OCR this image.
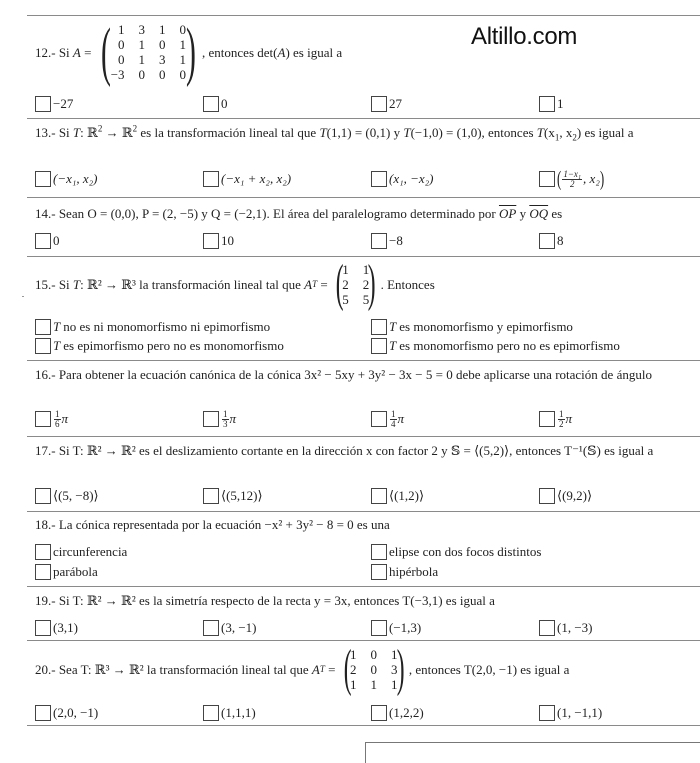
Altillo.com
12.- Si A = ( 1 3 1 0
0 1 0 1
0 1 3 1
−3 0 0 0 ) , entonces det( A ) es igual a
−27	0	27	1
13.- Si T: ℝ$^2$ → ℝ$^2$ es la transformación lineal tal que T(1,1) = (0,1) y T(−1,0) = (1,0), entonces $T(x_1$, $x_2$) es igual a
(−x₁, x₂)	(−x₁ + x₂, x₂)	(x₁, −x₂)	( $\frac{\text{1−x₁}}{2}$ , x₂ )
14.- Sean O = (0,0), P = (2, −5) y Q = (−2,1). El área del paralelogramo determinado por $\overline{OP}$ y $\overline{OQ}$ es
0	10	−8	8
15.- Si T : ℝ² → ℝ³ la transformación lineal tal que A T = (
1 1
2 2
5 5
) . Entonces
T no es ni monomorfismo ni epimorfismo	T es monomorfismo y epimorfismo
T es epimorfismo pero no es monomorfismo	T es monomorfismo pero no es epimorfismo
16.- Para obtener la ecuación canónica de la cónica 3x² − 5xy + 3y² − 3x − 5 = 0 debe aplicarse una rotación de ángulo
$\frac{1}{6}$ π	$\frac{1}{3}$ π	$\frac{1}{4}$ π	$\frac{1}{2}$ π
17.- Si T: ℝ² → ℝ² es el deslizamiento cortante en la dirección x con factor 2 y 𝕊 = ⟨(5,2)⟩, entonces T⁻¹(𝕊) es igual a
⟨(5, −8)⟩	⟨(5,12)⟩	⟨(1,2)⟩	⟨(9,2)⟩
18.- La cónica representada por la ecuación −x² + 3y² − 8 = 0 es una
circunferencia	elipse con dos focos distintos
parábola	hipérbola
19.- Si T: ℝ² → ℝ² es la simetría respecto de la recta y = 3x, entonces T(−3,1) es igual a
(3,1)	(3, −1)	(−1,3)	(1, −3)
20.- Sea T: ℝ³ → ℝ² la transformación lineal tal que A T = (
1 0 1
2 0 3
1 1 1
) , entonces T(2,0, −1) es igual a
(2,0, −1)	(1,1,1)	(1,2,2)	(1, −1,1)
